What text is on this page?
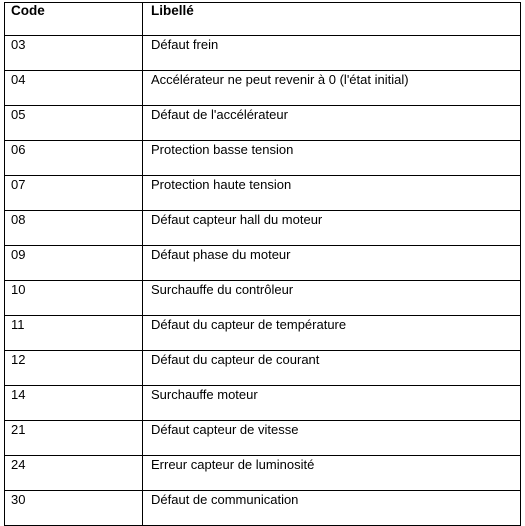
Code	Libellé
03	Défaut frein
04	Accélérateur ne peut revenir à 0 (l'état initial)
05	Défaut de l'accélérateur
06	Protection basse tension
07	Protection haute tension
08	Défaut capteur hall du moteur
09	Défaut phase du moteur
10	Surchauffe du contrôleur
11	Défaut du capteur de température
12	Défaut du capteur de courant
14	Surchauffe moteur
21	Défaut capteur de vitesse
24	Erreur capteur de luminosité
30	Défaut de communication
